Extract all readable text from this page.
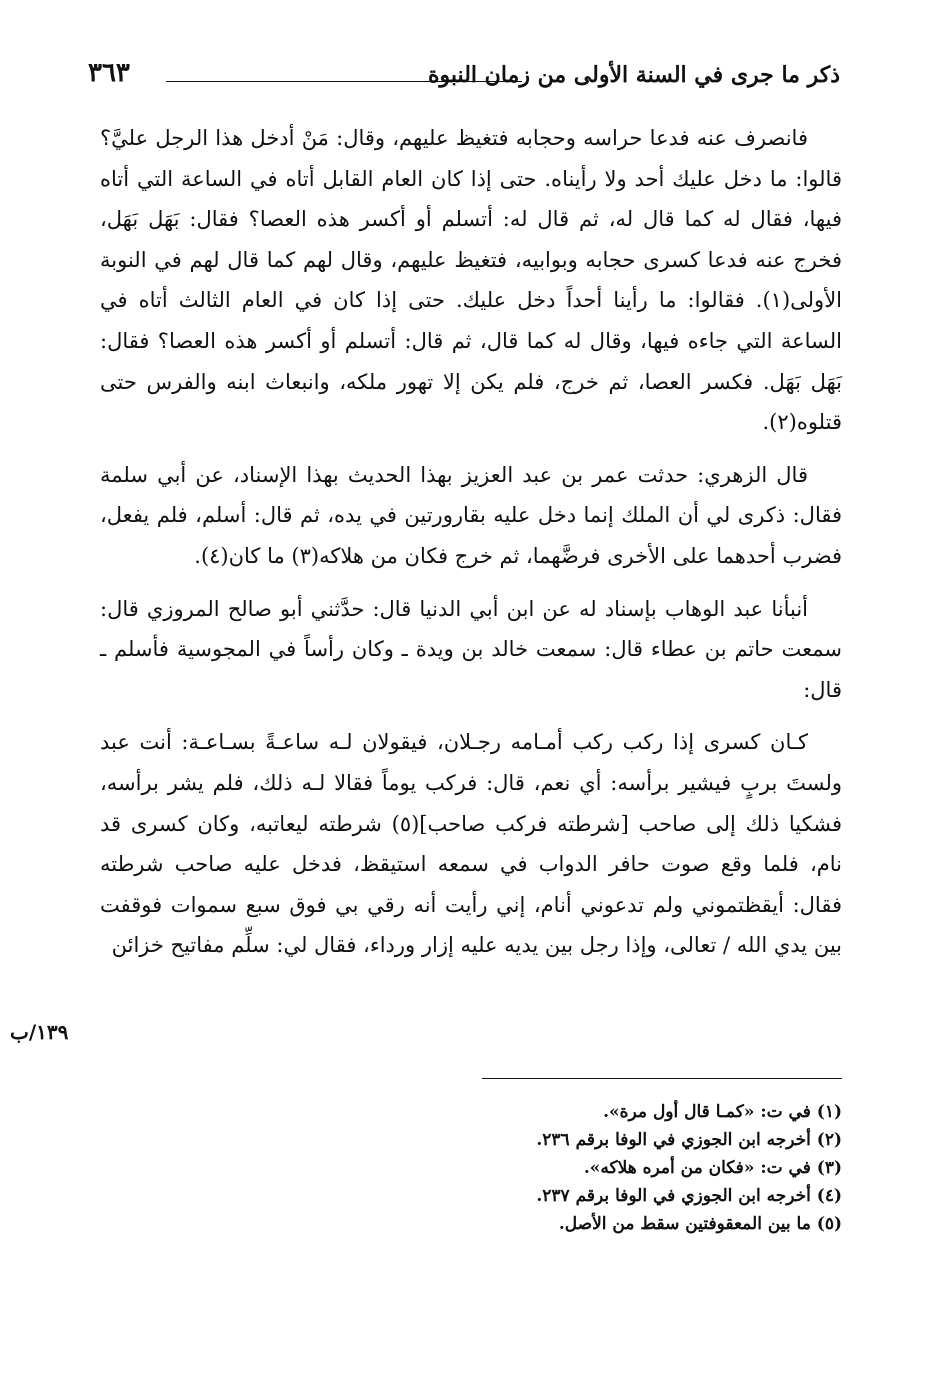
ذكر ما جرى في السنة الأولى من زمان النبوة
٣٦٣

فانصرف عنه فدعا حراسه وحجابه فتغيظ عليهم، وقال: مَنْ أدخل هذا الرجل عليَّ؟ قالوا: ما دخل عليك أحد ولا رأيناه. حتى إذا كان العام القابل أتاه في الساعة التي أتاه فيها، فقال له كما قال له، ثم قال له: أتسلم أو أكسر هذه العصا؟ فقال: بَهَل بَهَل، فخرج عنه فدعا كسرى حجابه وبوابيه، فتغيظ عليهم، وقال لهم كما قال لهم في النوبة الأولى(١). فقالوا: ما رأينا أحداً دخل عليك. حتى إذا كان في العام الثالث أتاه في الساعة التي جاءه فيها، وقال له كما قال، ثم قال: أتسلم أو أكسر هذه العصا؟ فقال: بَهَل بَهَل. فكسر العصا، ثم خرج، فلم يكن إلا تهور ملكه، وانبعاث ابنه والفرس حتى قتلوه(٢).

قال الزهري: حدثت عمر بن عبد العزيز بهذا الحديث بهذا الإسناد، عن أبي سلمة فقال: ذكرى لي أن الملك إنما دخل عليه بقارورتين في يده، ثم قال: أسلم، فلم يفعل، فضرب أحدهما على الأخرى فرضَّهما، ثم خرج فكان من هلاكه(٣) ما كان(٤).

أنبأنا عبد الوهاب بإسناد له عن ابن أبي الدنيا قال: حدَّثني أبو صالح المروزي قال: سمعت حاتم بن عطاء قال: سمعت خالد بن ويدة ـ وكان رأساً في المجوسية فأسلم ـ قال:

كـان كسرى إذا ركب ركب أمـامه رجـلان، فيقولان لـه ساعـةً بسـاعـة: أنت عبد ولستَ بربٍ فيشير برأسه: أي نعم، قال: فركب يوماً فقالا لـه ذلك، فلم يشر برأسه، فشكيا ذلك إلى صاحب [شرطته فركب صاحب](٥) شرطته ليعاتبه، وكان كسرى قد نام، فلما وقع صوت حافر الدواب في سمعه استيقظ، فدخل عليه صاحب شرطته فقال: أيقظتموني ولم تدعوني أنام، إني رأيت أنه رقي بي فوق سبع سموات فوقفت بين يدي الله / تعالى، وإذا رجل بين يديه عليه إزار ورداء، فقال لي: سلِّم مفاتيح خزائن

١٣٩/ب

(١) في ت: «كمـا قال أول مرة».

(٢) أخرجه ابن الجوزي في الوفا برقم ٢٣٦.

(٣) في ت: «فكان من أمره هلاكه».

(٤) أخرجه ابن الجوزي في الوفا برقم ٢٣٧.

(٥) ما بين المعقوفتين سقط من الأصل.
